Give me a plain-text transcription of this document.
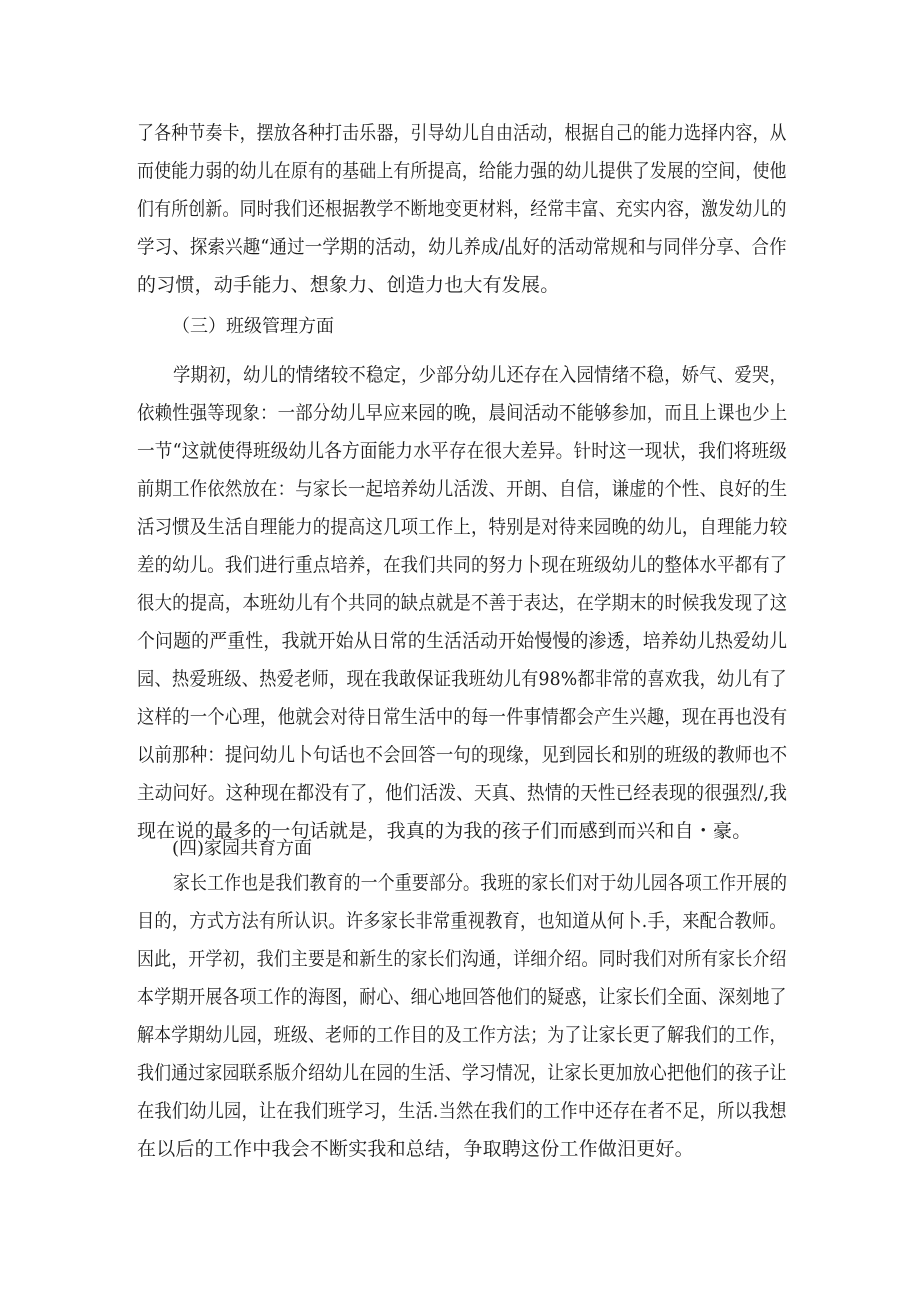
了各种节奏卡，摆放各种打击乐器，引导幼儿自由活动，根据自己的能力选择内容，从
而使能力弱的幼儿在原有的基础上有所提高，给能力强的幼儿提供了发展的空间，使他
们有所创新。同时我们还根据教学不断地变更材料，经常丰富、充实内容，激发幼儿的
学习、探索兴趣“通过一学期的活动，幼儿养成/乩好的活动常规和与同伴分享、合作
的习惯，动手能力、想象力、创造力也大有发展。
（三）班级管理方面
学期初，幼儿的情绪较不稳定，少部分幼儿还存在入园情绪不稳，娇气、爱哭，
依赖性强等现象：一部分幼儿早应来园的晚，晨间活动不能够参加，而且上课也少上
一节“这就使得班级幼儿各方面能力水平存在很大差异。针时这一现状，我们将班级
前期工作依然放在：与家长一起培养幼儿活泼、开朗、自信，谦虚的个性、良好的生
活习惯及生活自理能力的提高这几项工作上，特别是对待来园晚的幼儿，自理能力较
差的幼儿。我们进行重点培养，在我们共同的努力卜现在班级幼儿的整体水平都有了
很大的提高，本班幼儿有个共同的缺点就是不善于表达，在学期末的时候我发现了这
个问题的严重性，我就开始从日常的生活活动开始慢慢的渗透，培养幼儿热爱幼儿
园、热爱班级、热爱老师，现在我敢保证我班幼儿有98%都非常的喜欢我，幼儿有了
这样的一个心理，他就会对待日常生活中的每一件事情都会产生兴趣，现在再也没有
以前那种：提问幼儿卜句话也不会回答一句的现缘，见到园长和别的班级的教师也不
主动问好。这种现在都没有了，他们活泼、天真、热情的天性已经表现的很强烈/,我
现在说的最多的一句话就是，我真的为我的孩子们而感到而兴和自・豪。
(四)家园共育方面
家长工作也是我们教育的一个重要部分。我班的家长们对于幼儿园各项工作开展的
目的，方式方法有所认识。许多家长非常重视教育，也知道从何卜.手，来配合教师。
因此，开学初，我们主要是和新生的家长们沟通，详细介绍。同时我们对所有家长介绍
本学期开展各项工作的海图，耐心、细心地回答他们的疑惑，让家长们全面、深刻地了
解本学期幼儿园，班级、老师的工作目的及工作方法；为了让家长更了解我们的工作，
我们通过家园联系版介绍幼儿在园的生活、学习情况，让家长更加放心把他们的孩子让
在我们幼儿园，让在我们班学习，生活.当然在我们的工作中还存在者不足，所以我想
在以后的工作中我会不断实我和总结，争取聘这份工作做汨更好。
